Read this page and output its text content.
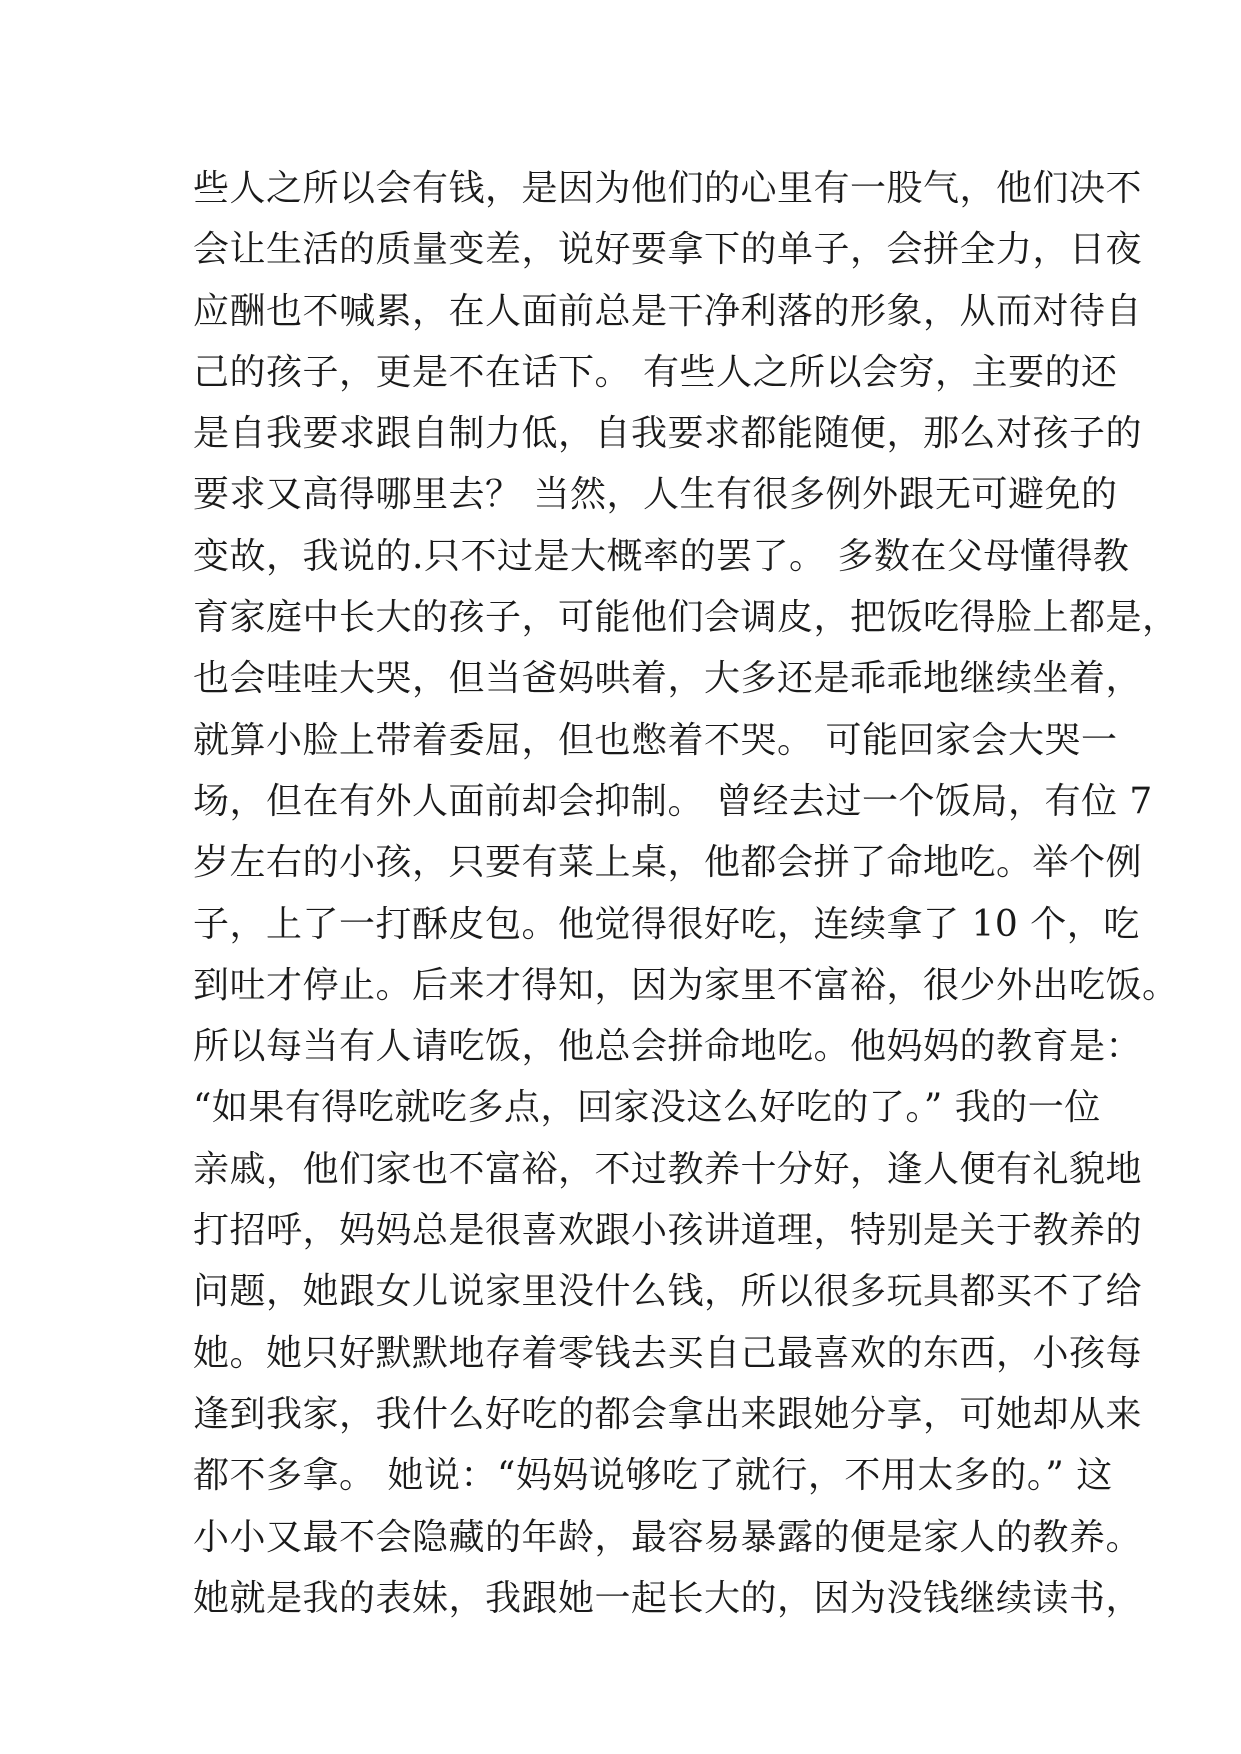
些人之所以会有钱，是因为他们的心里有一股气，他们决不
会让生活的质量变差，说好要拿下的单子，会拼全力，日夜
应酬也不喊累，在人面前总是干净利落的形象，从而对待自
己的孩子，更是不在话下。 有些人之所以会穷，主要的还
是自我要求跟自制力低，自我要求都能随便，那么对孩子的
要求又高得哪里去？ 当然，人生有很多例外跟无可避免的
变故，我说的.只不过是大概率的罢了。 多数在父母懂得教
育家庭中长大的孩子，可能他们会调皮，把饭吃得脸上都是，
也会哇哇大哭，但当爸妈哄着，大多还是乖乖地继续坐着，
就算小脸上带着委屈，但也憋着不哭。 可能回家会大哭一
场，但在有外人面前却会抑制。 曾经去过一个饭局，有位 7
岁左右的小孩，只要有菜上桌，他都会拼了命地吃。举个例
子，上了一打酥皮包。他觉得很好吃，连续拿了 10 个，吃
到吐才停止。后来才得知，因为家里不富裕，很少外出吃饭。
所以每当有人请吃饭，他总会拼命地吃。他妈妈的教育是：
“如果有得吃就吃多点，回家没这么好吃的了。” 我的一位
亲戚，他们家也不富裕，不过教养十分好，逢人便有礼貌地
打招呼，妈妈总是很喜欢跟小孩讲道理，特别是关于教养的
问题，她跟女儿说家里没什么钱，所以很多玩具都买不了给
她。她只好默默地存着零钱去买自己最喜欢的东西，小孩每
逢到我家，我什么好吃的都会拿出来跟她分享，可她却从来
都不多拿。 她说：“妈妈说够吃了就行，不用太多的。” 这
小小又最不会隐藏的年龄，最容易暴露的便是家人的教养。
她就是我的表妹，我跟她一起长大的，因为没钱继续读书，
